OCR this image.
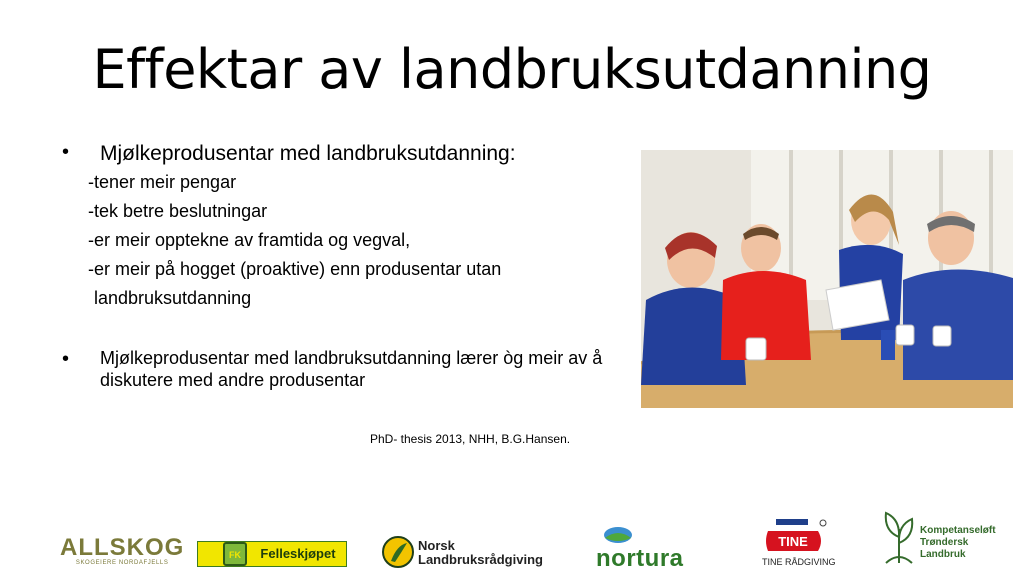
Effektar av landbruksutdanning
• Mjølkeprodusentar med landbruksutdanning:
-tener meir pengar
-tek betre beslutningar
-er meir opptekne av framtida og vegval,
-er meir på hogget (proaktive) enn produsentar utan
landbruksutdanning
• Mjølkeprodusentar med landbruksutdanning lærer òg meir av å diskutere med andre produsentar
PhD- thesis 2013, NHH, B.G.Hansen.
ALLSKOG
SKOGEIERE NORDAFJELLS
FK	Felleskjøpet
Norsk
Landbruksrådgiving nortura
TINE
TINE RÅDGIVING
Kompetanseløft
Trøndersk
Landbruk
